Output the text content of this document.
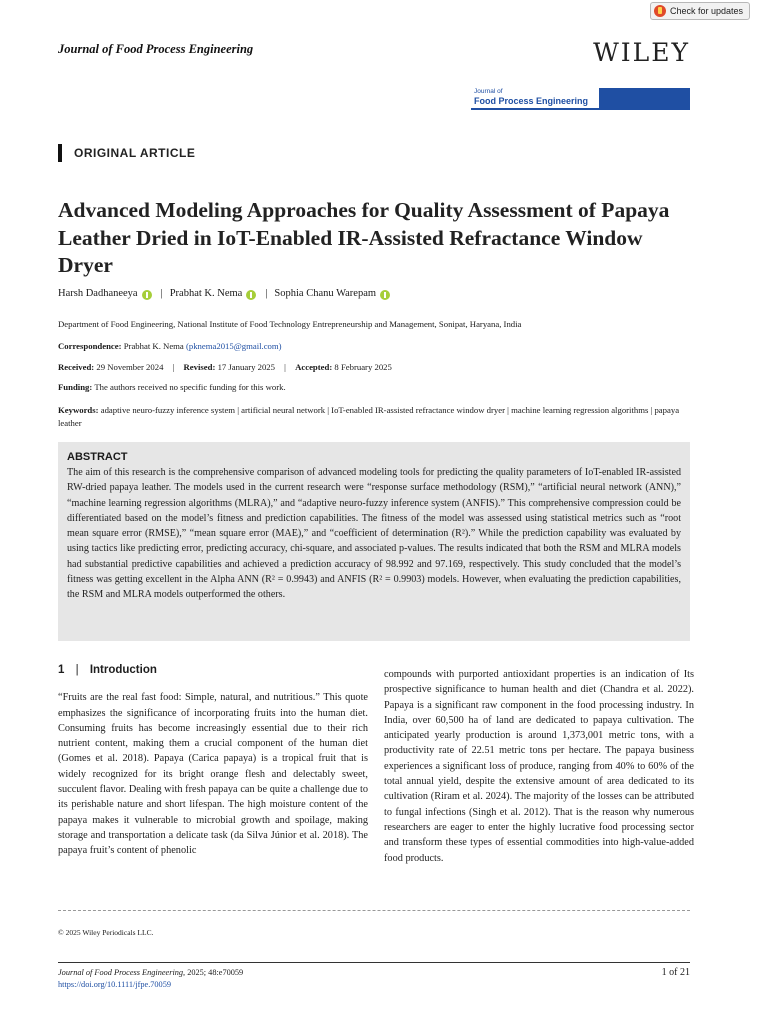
Check for updates
Journal of Food Process Engineering	WILEY
Journal of
Food Process Engineering
ORIGINAL ARTICLE
Advanced Modeling Approaches for Quality Assessment of Papaya Leather Dried in IoT-Enabled IR-Assisted Refractance Window Dryer
Harsh Dadhaneeya | Prabhat K. Nema | Sophia Chanu Warepam
Department of Food Engineering, National Institute of Food Technology Entrepreneurship and Management, Sonipat, Haryana, India
Correspondence: Prabhat K. Nema (pknema2015@gmail.com)
Received: 29 November 2024 | Revised: 17 January 2025 | Accepted: 8 February 2025
Funding: The authors received no specific funding for this work.
Keywords: adaptive neuro-fuzzy inference system | artificial neural network | IoT-enabled IR-assisted refractance window dryer | machine learning regression algorithms | papaya leather
ABSTRACT

The aim of this research is the comprehensive comparison of advanced modeling tools for predicting the quality parameters of IoT-enabled IR-assisted RW-dried papaya leather. The models used in the current research were “response surface methodology (RSM),” “artificial neural network (ANN),” “machine learning regression algorithms (MLRA),” and “adaptive neuro-fuzzy inference system (ANFIS).” This comprehensive compression could be differentiated based on the model’s fitness and prediction capabilities. The fitness of the model was assessed using statistical metrics such as “root mean square error (RMSE),” “mean square error (MAE),” and “coefficient of determination (R²).” While the prediction capability was evaluated by using tactics like predicting error, predicting accuracy, chi-square, and associated p-values. The results indicated that both the RSM and MLRA models had substantial predictive capabilities and achieved a prediction accuracy of 98.992 and 97.169, respectively. This study concluded that the model’s fitness was getting excellent in the Alpha ANN (R² = 0.9943) and ANFIS (R² = 0.9903) models. However, when evaluating the prediction capabilities, the RSM and MLRA models outperformed the others.

1 | Introduction

“Fruits are the real fast food: Simple, natural, and nutritious.” This quote emphasizes the significance of incorporating fruits into the human diet. Consuming fruits has become increasingly essential due to their rich nutrient content, making them a crucial component of the human diet (Gomes et al. 2018). Papaya (Carica papaya) is a tropical fruit that is widely recognized for its bright orange flesh and delectably sweet, succulent flavor. Dealing with fresh papaya can be quite a challenge due to its perishable nature and short lifespan. The high moisture content of the papaya makes it vulnerable to microbial growth and spoilage, making storage and transportation a delicate task (da Silva Júnior et al. 2018). The papaya fruit’s content of phenolic

compounds with purported antioxidant properties is an indication of Its prospective significance to human health and diet (Chandra et al. 2022). Papaya is a significant raw component in the food processing industry. In India, over 60,500 ha of land are dedicated to papaya cultivation. The anticipated yearly production is around 1,373,001 metric tons, with a productivity rate of 22.51 metric tons per hectare. The papaya business experiences a significant loss of produce, ranging from 40% to 60% of the total annual yield, despite the extensive amount of area dedicated to its cultivation (Riram et al. 2024). The majority of the losses can be attributed to fungal infections (Singh et al. 2012). That is the reason why numerous researchers are eager to enter the highly lucrative food processing sector and transform these types of essential commodities into high-value-added food products.

© 2025 Wiley Periodicals LLC.
Journal of Food Process Engineering, 2025; 48:e70059
https://doi.org/10.1111/jfpe.70059
1 of 21
